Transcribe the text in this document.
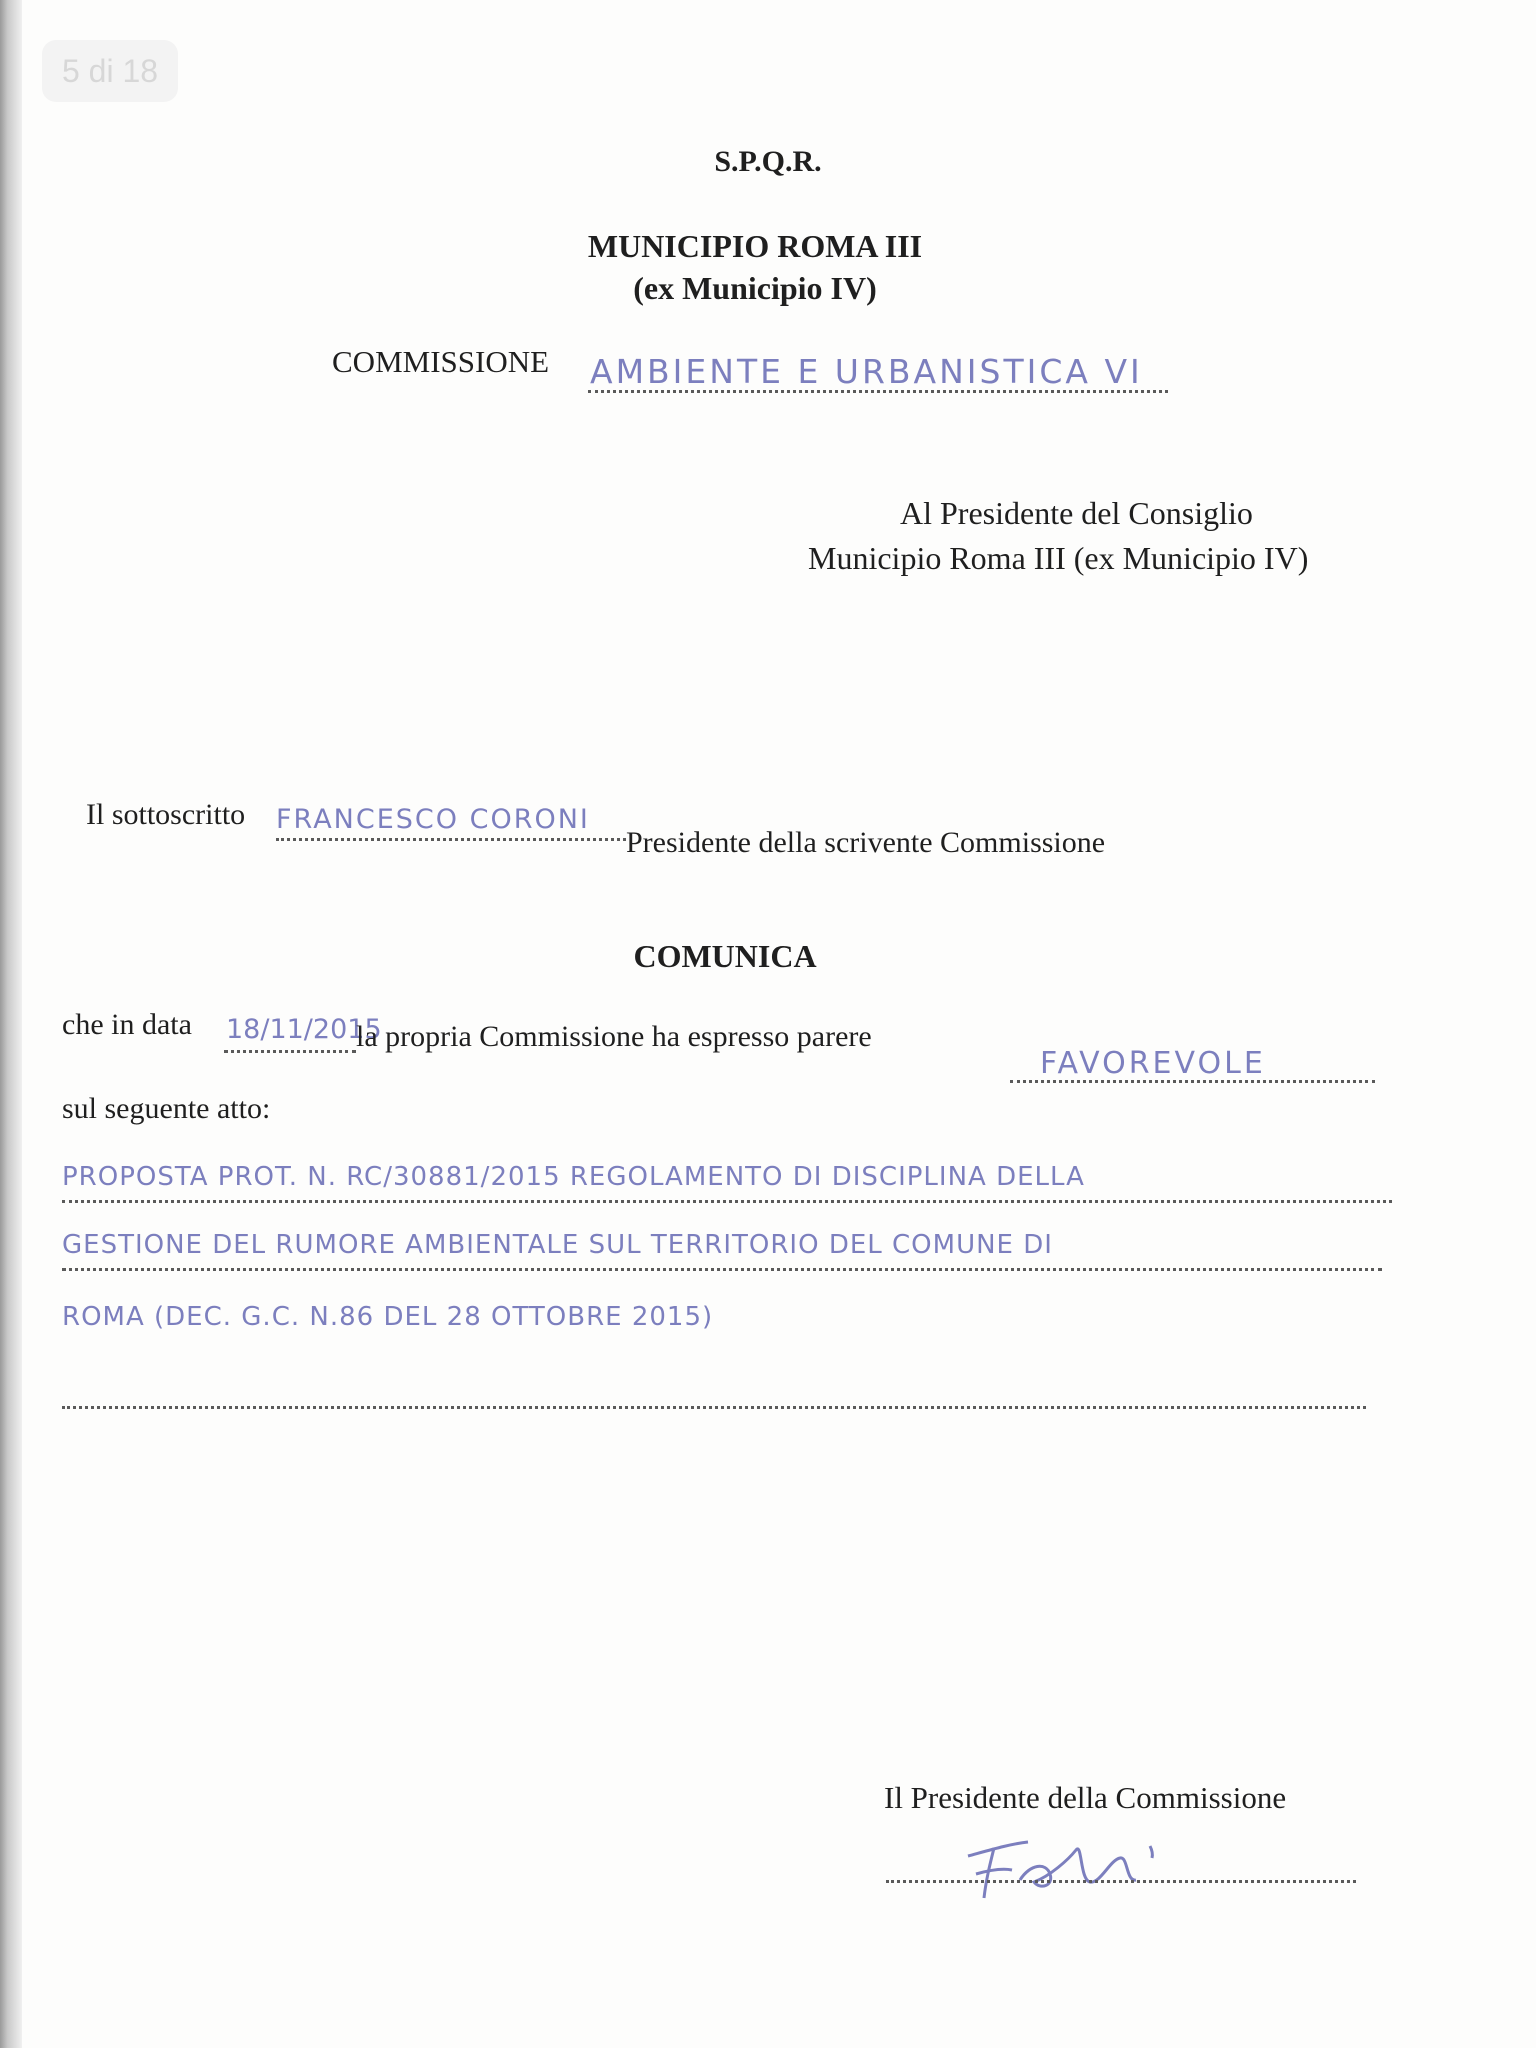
5 di 18
S.P.Q.R.
MUNICIPIO ROMA III
(ex Municipio IV)
COMMISSIONE AMBIENTE E URBANISTICA VI
Al Presidente del Consiglio
Municipio Roma III (ex Municipio IV)
Il sottoscritto FRANCESCO CORONI
Presidente della scrivente Commissione
COMUNICA
che in data 18/11/2015
la propria Commissione ha espresso parere
FAVOREVOLE
sul seguente atto:
PROPOSTA PROT. N. RC/30881/2015 REGOLAMENTO DI DISCIPLINA DELLA
GESTIONE DEL RUMORE AMBIENTALE SUL TERRITORIO DEL COMUNE DI
ROMA (DEC. G.C. N.86 DEL 28 OTTOBRE 2015)
Il Presidente della Commissione
